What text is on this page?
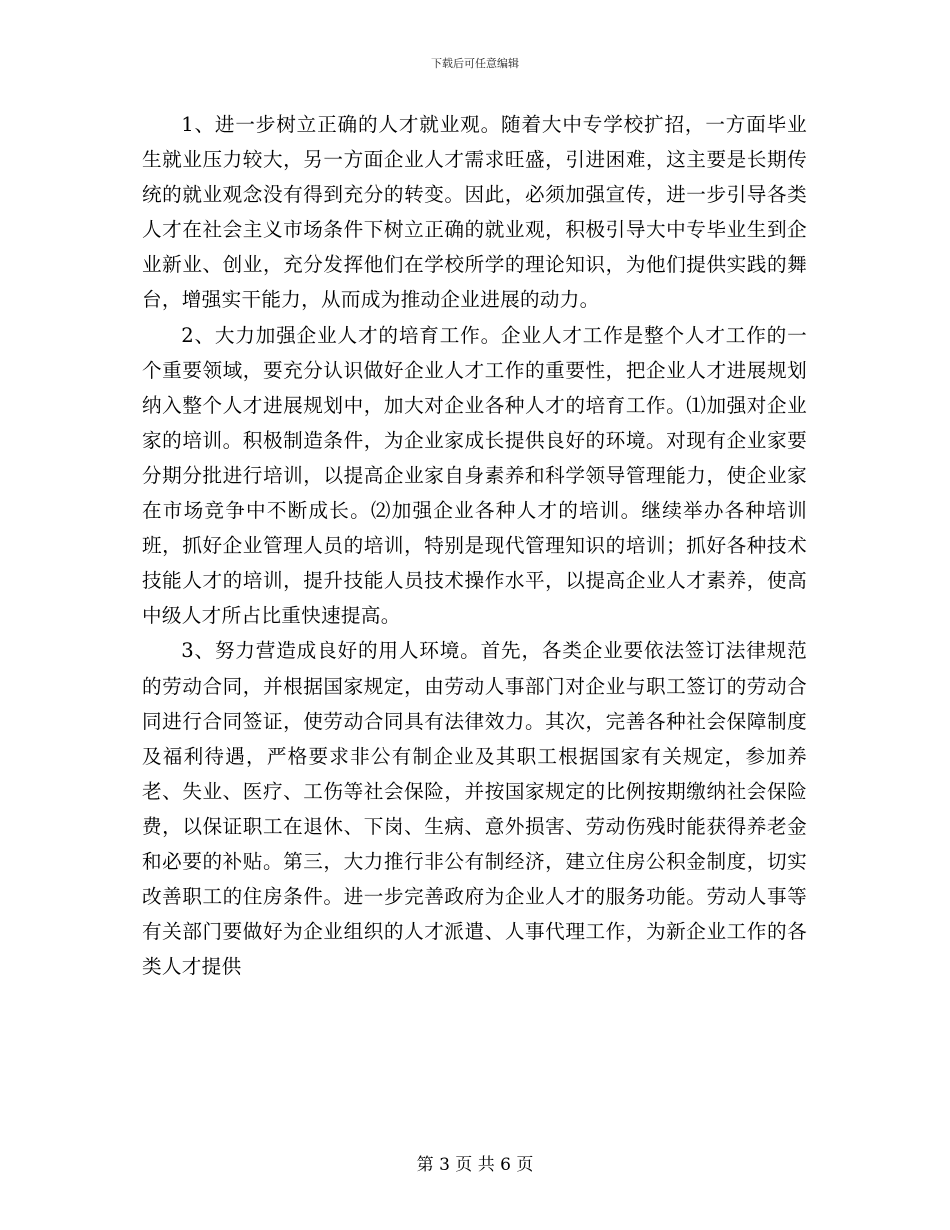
下载后可任意编辑

1、进一步树立正确的人才就业观。随着大中专学校扩招，一方面毕业生就业压力较大，另一方面企业人才需求旺盛，引进困难，这主要是长期传统的就业观念没有得到充分的转变。因此，必须加强宣传，进一步引导各类人才在社会主义市场条件下树立正确的就业观，积极引导大中专毕业生到企业新业、创业，充分发挥他们在学校所学的理论知识，为他们提供实践的舞台，增强实干能力，从而成为推动企业进展的动力。

2、大力加强企业人才的培育工作。企业人才工作是整个人才工作的一个重要领域，要充分认识做好企业人才工作的重要性，把企业人才进展规划纳入整个人才进展规划中，加大对企业各种人才的培育工作。⑴加强对企业家的培训。积极制造条件，为企业家成长提供良好的环境。对现有企业家要分期分批进行培训，以提高企业家自身素养和科学领导管理能力，使企业家在市场竞争中不断成长。⑵加强企业各种人才的培训。继续举办各种培训班，抓好企业管理人员的培训，特别是现代管理知识的培训；抓好各种技术技能人才的培训，提升技能人员技术操作水平，以提高企业人才素养，使高中级人才所占比重快速提高。

3、努力营造成良好的用人环境。首先，各类企业要依法签订法律规范的劳动合同，并根据国家规定，由劳动人事部门对企业与职工签订的劳动合同进行合同签证，使劳动合同具有法律效力。其次，完善各种社会保障制度及福利待遇，严格要求非公有制企业及其职工根据国家有关规定，参加养老、失业、医疗、工伤等社会保险，并按国家规定的比例按期缴纳社会保险费，以保证职工在退休、下岗、生病、意外损害、劳动伤残时能获得养老金和必要的补贴。第三，大力推行非公有制经济，建立住房公积金制度，切实改善职工的住房条件。进一步完善政府为企业人才的服务功能。劳动人事等有关部门要做好为企业组织的人才派遣、人事代理工作，为新企业工作的各类人才提供

第 3 页 共 6 页
